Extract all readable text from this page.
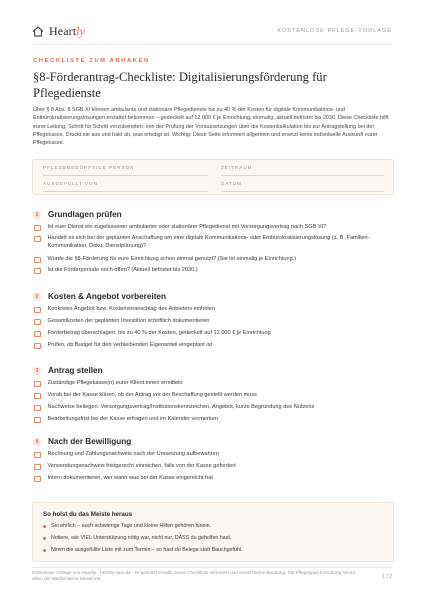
Heartly	KOSTENLOSE PFLEGE-VORLAGE
CHECKLISTE ZUM ABHAKEN
§8-Förderantrag-Checkliste: Digitalisierungsförderung für Pflegedienste
Über § 8 Abs. 8 SGB XI können ambulante und stationäre Pflegedienste bis zu 40 % der Kosten für digitale Kommunikations- und Entbürokratisierungslösungen erstattet bekommen – gedeckelt auf 12.000 € je Einrichtung, einmalig, aktuell befristet bis 2030. Diese Checkliste hilft eurer Leitung, Schritt für Schritt vorzubereiten: von der Prüfung der Voraussetzungen über die Kostenkalkulation bis zur Antragstellung bei der Pflegekasse. Druckt sie aus und hakt ab, was erledigt ist. Wichtig: Diese Seite informiert allgemein und ersetzt keine individuelle Auskunft eurer Pflegekasse.
PFLEGEBEDÜRFTIGE PERSON	ZEITRAUM
AUSGEFÜLLT VON	DATUM
1	Grundlagen prüfen
Ist euer Dienst ein zugelassener ambulanter oder stationärer Pflegedienst mit Versorgungsvertrag nach SGB XI?
Handelt es sich bei der geplanten Anschaffung um eine digitale Kommunikations- oder Entbürokratisierungslösung (z. B. Familien-Kommunikation, Doku, Dienstplanung)?
Wurde die §8-Förderung für eure Einrichtung schon einmal genutzt? (Sie ist einmalig je Einrichtung.)
Ist die Förderperiode noch offen? (Aktuell befristet bis 2030.)
2	Kosten & Angebot vorbereiten
Konkretes Angebot bzw. Kostenvoranschlag des Anbieters einholen
Gesamtkosten der geplanten Investition schriftlich dokumentieren
Förderbetrag überschlagen: bis zu 40 % der Kosten, gedeckelt auf 12.000 € je Einrichtung
Prüfen, ob Budget für den verbleibenden Eigenanteil eingeplant ist
3	Antrag stellen
Zuständige Pflegekasse(n) eurer Klient:innen ermitteln
Vorab bei der Kasse klären, ob der Antrag vor der Beschaffung gestellt werden muss
Nachweise beilegen: Versorgungsvertrag/Institutionskennzeichen, Angebot, kurze Begründung des Nutzens
Bearbeitungsfrist bei der Kasse erfragen und im Kalender vormerken
4	Nach der Bewilligung
Rechnung und Zahlungsnachweis nach der Umsetzung aufbewahren
Verwendungsnachweis fristgerecht einreichen, falls von der Kasse gefordert
Intern dokumentieren, wer wann was bei der Kasse eingereicht hat
So holst du das Meiste heraus
Sei ehrlich – auch schwierige Tage und kleine Hilfen gehören hinein.
Notiere, wie VIEL Unterstützung nötig war, nicht nur, DASS du geholfen hast.
Nimm die ausgefüllte Liste mit zum Termin – so hast du Belege statt Bauchgefühl.
Kostenlose Vorlage von Heartly · heartly-care.de · KI-gestützt erstellt. Diese Checkliste informiert und ersetzt keine Beratung. Die Pflegegrad-Einstufung nimmt allein der Medizinische Dienst vor.	1 / 2
